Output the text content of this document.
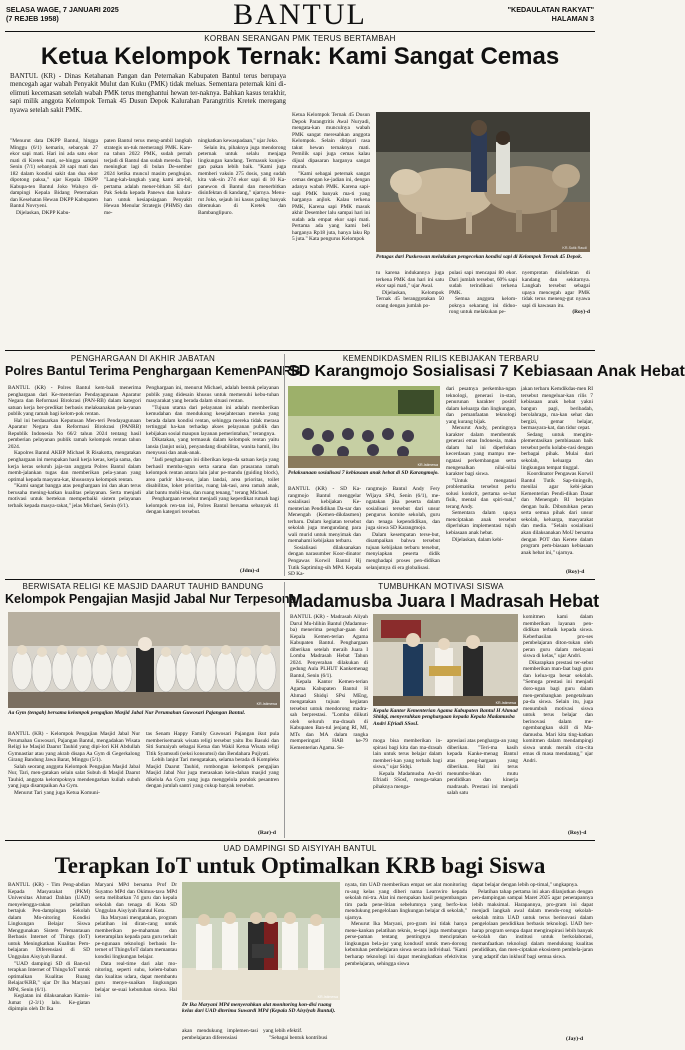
SELASA WAGE, 7 JANUARI 2025
(7 REJEB 1958)	BANTUL	"KEDAULATAN RAKYAT"
HALAMAN 3
KORBAN SERANGAN PMK TERUS BERTAMBAH
Ketua Kelompok Ternak: Kami Sangat Cemas

BANTUL (KR) - Dinas Ketahanan Pangan dan Peternakan Kabupaten Bantul terus berupaya mencegah agar wabah Penyakit Mulut dan Kuku (PMK) tidak meluas. Sementara peternak kini di-elimuti kecemasan setelah wabah PMK terus menghantui hewan ter-naknya. Bahkan kasus terakhir, sapi milik anggota Kelompok Ternak 45 Dusun Depok Kalurahan Parangtritis Kretek meregang nyawa setelah sakit PMK.

"Menurut data DKPP Bantul, hingga Minggu (6/1) kemarin, sebanyak 27 ekor sapi mati. Hari ini ada satu ekor mati di Kretek mati, se-hingga sampai Senin (7/1) sebanyak 28 sapi mati dan 182 dalam kondisi sakit dan dua ekor dipotong paksa," ujar Kepala DKPP Kabupa-ten Bantul Joko Waluyo di-dampingi Kepala Bidang Peternakan dan Kesehatan Hewan DKPP Kabupaten Bantul Novryeni.

Dijelaskan, DKPP Kabu-

paten Bantul terus meng-ambil langkah strategis un-tuk memerangi PMK. Kare-na tahun 2022 PMK, sudah pernah terjadi di Bantul dan sudah mereda. Tapi meningkat lagi di bulan De-sember 2024 ketika muncul masim penghujan. "Lang-kah-langkah yang kami am-bil, pertama adalah mener-bitkan SE dari Pak Sekda kepada Panewu dan kalura-han untuk kesiapsiagaan Penyakit Hewan Menular Strategis (PHMS) dan me-

ningkatkan kewaspadaan," ujar Joko.

Selain itu, pihaknya juga mendorong peternak untuk selalu menjaga lingkungan kandang. Termasuk kunjun-gan pakan lebih baik. "Kami juga memberi vaksin 275 dosis, yang sudah kita vak-sin 274 ekor sapi di 10 Ka-panewon di Bantul dan menerbitkan disinfektan di kandang," ujarnya. Menu-rut Joko, sejauh ini kasus paling banyak ditemukan di Kretek dan Bambanglipuro.

Ketua Kelompok Ternak 45 Dusun Depok Parangtritis Awal Nuryadi, mengata-kan munculnya wabah PMK sangat meresahkan anggota Kelompok. Selain ditipuri rasa takut hewan ternaknya mati. Pemilik sapi juga cemas kalau dijual dipasaran harganya sangat murah.

"Kami sebagai peternak sangat cemas dengan ke-jadian ini, dengan adanya wabah PMK. Karena sapi-sapi PMK banyak ma-ti yang harganya anjlok. Kalau terkena PMK, Karena sapi PMK masuk akhir Desember lalu sampai hari ini sudah ada empat ekor sapi mati. Pertama ada yang kami beli harganya Rp18 juta, hanya laku Rp 5 juta." Kata pengurus Kelompok

KR-Sutik Raudi
Petugas dari Puskeswan melakukan pengecekan kondisi sapi di Kelompok Ternak 45 Depok.

tu karena indukannya juga terkena PMK dan hari ini satu ekor sapi mati," ujar Awal.

Dijelaskan, Kelompok Ternak 45 beranggotakan 50 orang dengan jumlah po-

pulasi sapi mencapai 80 ekor. Dari jumlah tersebut, 60% sapi sudah terindikasi terkena PMK.

Semua anggota kelom-poknya sekarang ini diduo-rong untuk melakukan pe-

nyemprotan disinfektan di kandang dan sekitarnya. Langkah tersebut sebagai upaya mencegah agar PMK tidak terus meneng-gut nyawa sapi di kawasan itu.

(Roy)-d

PENGHARGAAN DI AKHIR JABATAN
Polres Bantul Terima Penghargaan KemenPANRB

BANTUL (KR) - Polres Bantul kem-bali menerima penghargaan dari Ke-menterian Pendayagunaan Aparatur Negara dan Reformasi Birokrasi (PAN-RB) dalam kategori satuan kerja ber-predikat berbasis melaksanakan pela-yanan publik yang ramah bagi kelom-pok rentan.

Hal ini berdasarkan Keputusan Men-teri Pendayagunaan Aparatur Negara dan Reformasi Birokrasi (PANRB) Republik Indonesia No 66/2 tahun 2024 tentang hasil pemberian pelayanan publik ramah kelompok rentan tahun 2024.

Kapolres Bantul AKBP Michael R Risakotta, mengatakan penghargaan ini merupakan hasil kerja keras, kerja sama, dan kerja keras seluruh jaja-ran anggota Polres Bantul dalam memb-jalankan tugas dan memberikan pela-yanan yang optimal kepada masyara-kat, khususnya kelompok rentan.

"Kami sangat bangga atas penghargaan ini dan akan terus berusaha mening-katkan kualitas pelayanan. Serta menjadi motivasi untuk bertekun memperbaiki sistem pelayanan terbaik kepada masya-rakat," jelas Michael, Senin (6/1).

Penghargaan ini, menurut Michael, adalah bentuk pelayanan publik yang didesain khusus untuk memenuhi kebu-tuhan masyarakat yang berada dalam situasi rentan.

"Tujuan utama dari pelayanan ini adalah memberikan kemudahan dan mendukung kesejahteraan mereka yang berada dalam kondisi rentan, sehingga mereka tidak merasa tertinggal ha-kan terhadap akses pelayanan publik dan kebijakan sosial maupun layanan pemerintahan," terangnya.

Dikatakan, yang termasuk dalam kelompok rentan yaitu lansia (lanjut usia), penyandang disabilitas, wanita hamil, ibu menyusui dan anak-anak.

"Jadi penghargaan ini diberikan kepa-da satuan kerja yang berhasil memba-ngun serta sarana dan prasarana ramah kelompok rentan antara lain jalur pe-mandu (guiding block), area parkir khu-sus, jalan landai, area prioritas, toilet disabilitas, loket prioritas, ruang lak-tasi, area ramah anak, alat bantu mobil-itas, dan ruang tenang," terang Michael.

Penghargaan tersebut menjadi yang keperdikat rumah bagi kelompok ren-tan ini, Polres Bantul bersama sebanyak 41 dengan kategori tersebut.

(Jdm)-d
KEMENDIKDASMEN RILIS KEBIJAKAN TERBARU
SD Karangmojo Sosialisasi 7 Kebiasaan Anak Hebat
KR-Istimewa
Pelaksanaan sosialisasi 7 kebiasaan anak hebat di SD Karangmojo.

BANTUL (KR) - SD Ka-rangmojo Bantul menggelar sosialisasi kebijakan Ke-menterian Pendidikan Da-sar dan Menengah (Kemen-dikdasmen) terbaru. Dalam kegiatan tersebut sekolah juga mengundang para wali murid untuk menyimak dan memahami kebijakan terbaru.

Sosialisasi dilaksanakan dengan narasumber Koor-dinator Pengawas Korwil Bantul Hj Tutik Saptiming-sih MPd. Kepala SD Ka-

rangmojo Bantul Andy Fery Wijaya SPd, Senin (6/1), me-ngatakan jika peserta dalam sosialisasi tersebut dari unsur pengurus komite sekolah, guru dan tenaga kependidikan, dan juga siswa SD Karangmojo.

Dalam kesempatan terse-but, disampaikan bahwa tersebut tujuan kebijakan terbaru tersebut, menyiapkan peserta didik menghadapi proses pen-didikan selanjutnya di era globalisasi.

dari pesatnya perkemba-ngan teknologi, generasi in-stan, penurunan karakter positif dalam keluarga dan lingkungan, dan pemanfaatan teknologi yang kurang bijak.

Menurut Andy, pentingnya karakter dalam membentuk generasi emas Indonesia, maka dalam hal ini diperlukan kecerdasan yang mampu me-ngatasi perkembangan serta mengenalkan nilai-nilai karakter bagi siswa.

"Untuk mengatasi problematika tersebut perlu solusi konkrit, pertama se-hat fisik, mental dan spiri-tual," terang Andy.

Sementara dalam upaya menciptakan anak tersebut diperlukan implementasi tujuh kebiasaan anak hebat.

Dijelaskan, dalam kebi-

jakan terbaru Kemdikdas-men RI tersebut mengeluar-kan rilis 7 kebiasaan anak hebat yakni bangun pagi, beribadah, berolahraga, ma-kan sehat dan bergizi, gemar belajar, bermasyara-kat, dan tidur cepat.

Sedang untuk mengim-plementasikan pembiasaan baik tersebut perlu kolabo-rasi dengan berbagai pihak. Mulai dari sekolah, keluarga dan lingkungan tempat tinggal.

Koordinator Pengawas Korwil Bantul Tutik Sap-tiningsih, menilai agar kebi-jakan Kementerian Pendi-dikan Dasar dan Menengah RI berjalan dengan baik. Dibutuhkan peran serta semua pihak dari unsur sekolah, keluarga, masyarakat dan media. "Selain sosialisasi akan dilaksanakan MoU bersama dengan POT dan Kerete dalam program pem-biasaan kebiasaan anak hebat ini," ujarnya.

(Roy)-d
BERWISATA RELIGI KE MASJID DAARUT TAUHID BANDUNG
Kelompok Pengajian Masjid Jabal Nur Terpesona
KR-Istimewa
Aa Gym (tengah) bersama kelompok pengajian Masjid Jabal Nur Perumahan Guwosari Pajangan Bantul.

BANTUL (KR) - Kelompok Pengajian Masjid Jabal Nur Perumahan Guwosari, Pajangan Bantul, mengadakan Wisata Religi ke Masjid Daarut Tauhid yang dipi-lori KH Abdullah Gymnastiar atau yang akrab disapa Aa Gym di Gegerkalong Girang Bandung Jawa Barat, Minggu (5/1).

Salah seorang anggota Kelompok Pengajian Masjid Jabal Nur, Tari, men-gatakan selain salat Subuh di Masjid Daarut Tauhid, anggota kelompoknya mendengarkan kuliah subuh yang juga disampaikan Aa Gym.

Menurut Tari yang juga Ketua Komuni-

tas Senam Happy Family Guwosari Pajangan ikut pula memberisemarak wisata religi tersebut yaitu Ibu Basuki dan Siti Sumaiyah sebagai Ketua dan Wakil Ketua Wisata religi Titik Syamsudi (seksi konsumsi) dan Bendahara Pujiyati.

Lebih lanjut Tari mengatakan, selama berada di Kompleks Masjid Daarut Tauhid, rombongan kelompok pengajian Masjid Jabal Nur juga merasakan kein-dahan masjid yang dikelola Aa Gym yang juga menggelola pondok pesantren dengan jumlah santri yang cukup banyak tersebut.

(Rar)-d
TUMBUHKAN MOTIVASI SISWA
Madamusba Juara I Madrasah Hebat

BANTUL (KR) - Madrasah Aliyah Darul Mu-hlihin Bantul (Madamus-ba) menerima penghar-gaan dari Kepala Kemen-terian Agama Kabupaten Bantul. Penghargaan diberikan setelah meraih Juara I Lomba Madrasah Hebat Tahun 2024. Penyerahan dilakukan di gedung Aula PLHUT Kankemenag Bantul, Senin (6/1).

Kepala Kantor Kemen-terian Agama Kabupaten Bantul H Ahmad Shidqi SPsi MEng, mengatakan tujuan kegiatan tersebut untuk mendorong madra-sah berprestasi. "Lomba diikuti oleh seluruh ma-drasah di Kabupaten Ban-tul jenjang RI, MI, MTs dan MA dalam rangka memperingati HAB ke-79 Kementerian Agama. Se-

KR-Istimewa
Kepala Kantor Kementerian Agama Kabupaten Bantul H Ahmad Shidqi, menyerahkan penghargaan kepada Kepala Madamusba Andri Efriadi SSosI.

moga bisa memberikan in-spirasi bagi kita dan ma-drasah lain untuk terus belajar dalam memberi-kan yang terbaik bagi siswa," ujar Sidqi.

Kepala Madamusba An-dri Efriadi SSosI, menga-takan pihaknya menga-

apresiasi atas pengharga-an yang diberikan. "Teri-ma kasih kepada Kanke-menag Bantul atas peng-hargaan yang diberikan. Hal ini terus menumbu-hkan mutu pendidikan dan kinerja madrasah. Prestasi ini menjadi salah satu

komitmen kami dalam memberikan layanan pen-didikan terbaik kepada siswa. Keberhasilan pro-ses pembelajaran diton-tukan oleh peran guru dalam melayani siswa di kelas," ujar Andri.

Dikarapkan prestasi ter-sebut memberikan man-faat bagi guru dan kelua-rga besar sekolah. "Semoga prestasi ini menjadi doro-ngan bagi guru dalam men-gembangkan pengetahuan pa-da siswa. Selain itu, juga menumbuh motivasi siswa untuk terus belajar dan berinovasi dalam me-ngembangkan skill di Ma-damusba. Mari kita ting-katkan komitmen dalam mendampingi siswa untuk meraih cita-cita emas di masa mendatang," ujar Andri.

(Roy)-d
UAD DAMPINGI SD AISYIYAH BANTUL
Terapkan IoT untuk Optimalkan KRB bagi Siswa

BANTUL (KR) - Tim Peng-abdian Kepada Masyarakat (PKM) Universitas Ahmad Dahlan (UAD) menyelengga-rakan pelatihan bertajuk Pen-dampingan Sekolah dalam Mo-nitoring Kondisi Lingkungan Belajar Siswa Menggunakan Sistem Pemantauan Berbasis Internet of Things (IoT) untuk Meningkatkan Kualitas Pem-belajaran Diferensiasi di SD Unggulan Aisyiyah Bantul.

"UAD dampingi SD di Ban-tul terapkan Internet of Things/IoT untuk optimalkan Kualitas Ruang Belajar/KRB," ujar Dr Ika Maryani MPd, Senin (6/1).

Kegiatan ini dilaksanakan Kamis-Jumat (2-3/1) lalu. Ke-giatan dipimpin oleh Dr Ika

Maryani MPd bersama Prof Dr Suyatno MPd dan Okimus-tava MPd serta melibatkan 74 guru dan kepala sekolah dan tenaga di Kota SD Unggulan Aisyiyah Bantul Kota.

Ika Maryani mengatakan, program pelatihan ini diran-cang untuk memberikan pe-mahaman dan keterampilan kepada para guru terkait pe-ngunaan teknologi berbasis In-ternet of Things/IoT dalam memantau kondisi lingkungan belajar.

Data real-time dari alat mo-nitoring, seperti suhu, kelem-baban dan kualitas udara, dapat membantu guru menye-suaikan lingkungan belajar se-suai kebutuhan siswa. Hal ini	KR-Istimewa
Dr Ika Maryani MPd menyerahkan alat monitoring kon-disi ruang kelas dari UAD diterima Suwardi MPd (Kepala SD Aisyiyah Bantul).

akan mendukung implemen-tasi pembelajaran diferensiasi

yang lebih efektif.

"Sebagai bentuk kontribusi

nyata, tim UAD memberikan empat set alat monitoring ru-ang kelas yang diberi nama Learnviro kepada sekolah mi-tra. Alat ini merupakan hasil pengembangan tim pada pene-litian sebelumnya yang berfo-kus mendukung pengelolaan lingkungan belajar di sekolah," ujarnya.

Menurut Ika Maryani, pro-gram ini tidak hanya mene-kankan pelatihan teknis, te-tapi juga membangun perse-paman tentang pentingnya menciptakan lingkungan bela-jar yang kondusif untuk men-dorong kebutuhan pembelajaran siswa secara individual. "Kami berharap teknologi ini dapat meningkatkan efektivitas pembelajaran, sehingga siswa

dapat belajar dengan lebih op-timal," ungkapnya.

Pelatihan tahap pertama ini akan dilanjutkan dengan pen-dampingan sampai Maret 2025 agar penerapannya lebih maksimal. Harapannya, pro-gram ini dapat menjadi langkah awal dalam mendo-rong sekolah-sekolah mitra UAD untuk terus berinovasi dalam pengelolaan pendidikan berbasis teknologi. UAD ber-harap program serupa dapat menginspirasi lebih banyak se-kolah dan institusi untuk berkolaborasi, memanfaatkan teknologi dalam mendukung kualitas pendidikan, dan men-ciptakan ekosistem pembela-jaran yang adaptif dan inklusif bagi semua siswa.

(Jay)-d
